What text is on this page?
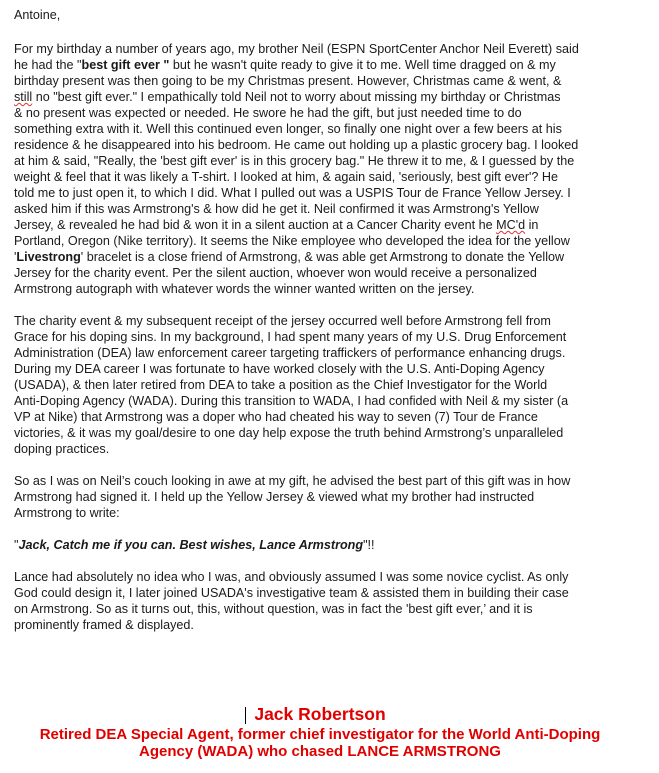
Antoine,
For my birthday a number of years ago, my brother Neil (ESPN SportCenter Anchor Neil Everett) said
he had the "best gift ever " but he wasn't quite ready to give it to me. Well time dragged on & my
birthday present was then going to be my Christmas present. However, Christmas came & went, &
still no "best gift ever." I empathically told Neil not to worry about missing my birthday or Christmas
& no present was expected or needed. He swore he had the gift, but just needed time to do
something extra with it. Well this continued even longer, so finally one night over a few beers at his
residence & he disappeared into his bedroom. He came out holding up a plastic grocery bag. I looked
at him & said, "Really, the 'best gift ever' is in this grocery bag." He threw it to me, & I guessed by the
weight & feel that it was likely a T-shirt. I looked at him, & again said, 'seriously, best gift ever'? He
told me to just open it, to which I did. What I pulled out was a USPIS Tour de France Yellow Jersey. I
asked him if this was Armstrong's & how did he get it. Neil confirmed it was Armstrong's Yellow
Jersey, & revealed he had bid & won it in a silent auction at a Cancer Charity event he MC'd in
Portland, Oregon (Nike territory). It seems the Nike employee who developed the idea for the yellow
'Livestrong' bracelet is a close friend of Armstrong, & was able get Armstrong to donate the Yellow
Jersey for the charity event. Per the silent auction, whoever won would receive a personalized
Armstrong autograph with whatever words the winner wanted written on the jersey.
The charity event & my subsequent receipt of the jersey occurred well before Armstrong fell from
Grace for his doping sins. In my background, I had spent many years of my U.S. Drug Enforcement
Administration (DEA) law enforcement career targeting traffickers of performance enhancing drugs.
During my DEA career I was fortunate to have worked closely with the U.S. Anti-Doping Agency
(USADA), & then later retired from DEA to take a position as the Chief Investigator for the World
Anti-Doping Agency (WADA). During this transition to WADA, I had confided with Neil & my sister (a
VP at Nike) that Armstrong was a doper who had cheated his way to seven (7) Tour de France
victories, & it was my goal/desire to one day help expose the truth behind Armstrong’s unparalleled
doping practices.
So as I was on Neil’s couch looking in awe at my gift, he advised the best part of this gift was in how
Armstrong had signed it. I held up the Yellow Jersey & viewed what my brother had instructed
Armstrong to write:
"Jack, Catch me if you can. Best wishes, Lance Armstrong"!!
Lance had absolutely no idea who I was, and obviously assumed I was some novice cyclist. As only
God could design it, I later joined USADA's investigative team & assisted them in building their case
on Armstrong. So as it turns out, this, without question, was in fact the 'best gift ever,’ and it is
prominently framed & displayed.
Jack Robertson
Retired DEA Special Agent, former chief investigator for the World Anti-Doping
Agency (WADA) who chased LANCE ARMSTRONG
